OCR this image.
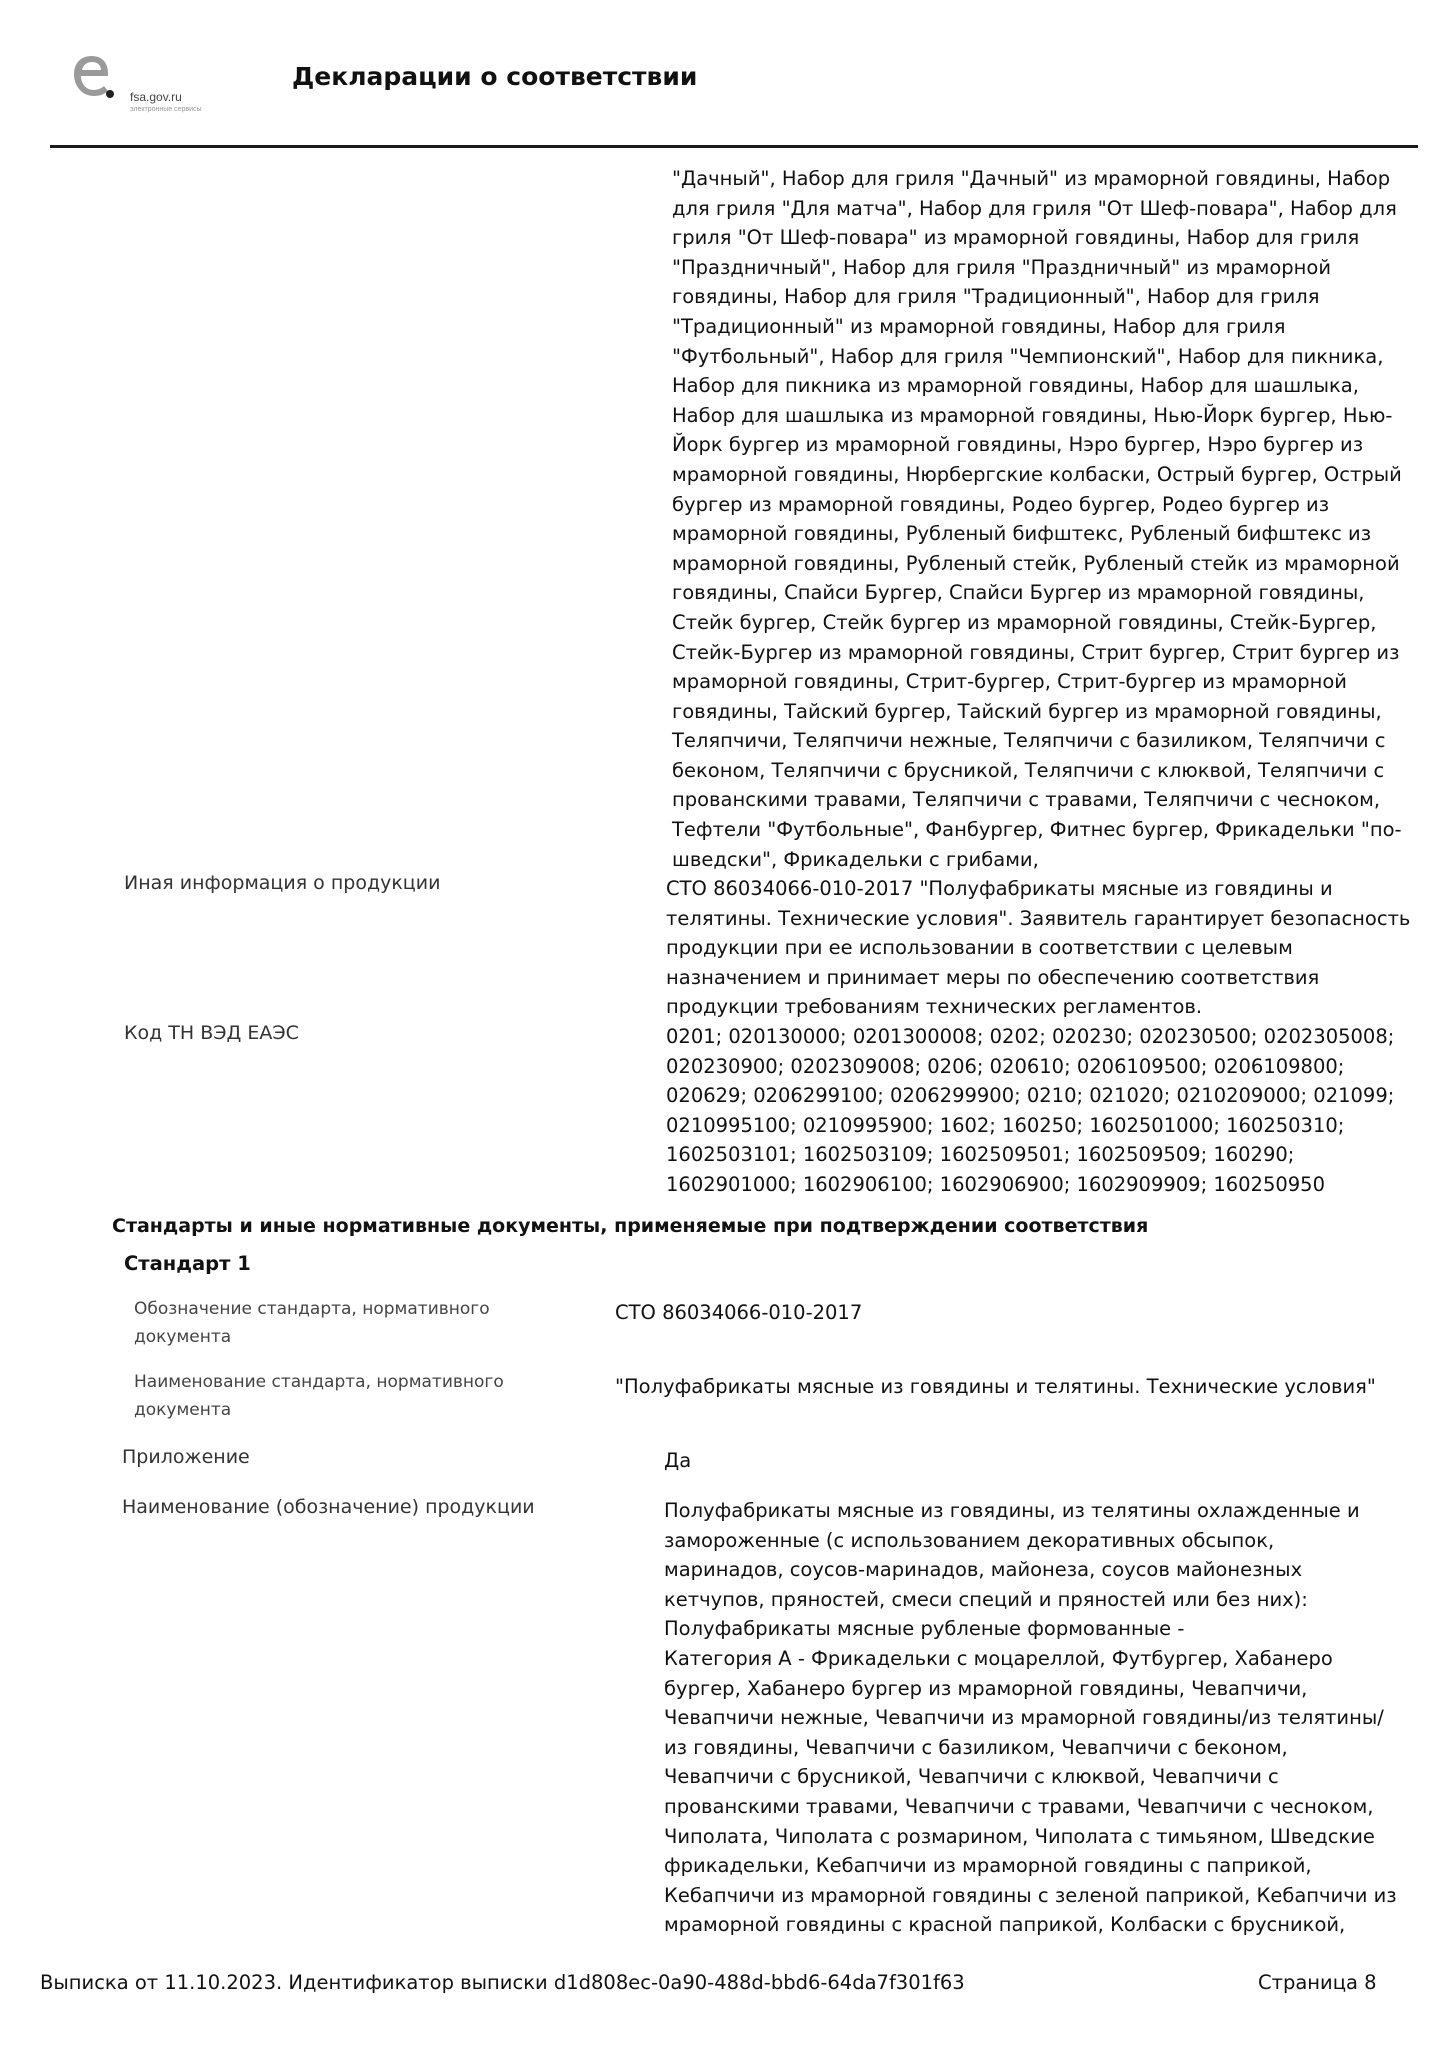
fsa.gov.ru
электронные сервисы
Декларации о соответствии
"Дачный", Набор для гриля "Дачный" из мраморной говядины, Набор
для гриля "Для матча", Набор для гриля "От Шеф-повара", Набор для
гриля "От Шеф-повара" из мраморной говядины, Набор для гриля
"Праздничный", Набор для гриля "Праздничный" из мраморной
говядины, Набор для гриля "Традиционный", Набор для гриля
"Традиционный" из мраморной говядины, Набор для гриля
"Футбольный", Набор для гриля "Чемпионский", Набор для пикника,
Набор для пикника из мраморной говядины, Набор для шашлыка,
Набор для шашлыка из мраморной говядины, Нью-Йорк бургер, Нью-
Йорк бургер из мраморной говядины, Нэро бургер, Нэро бургер из
мраморной говядины, Нюрбергские колбаски, Острый бургер, Острый
бургер из мраморной говядины, Родео бургер, Родео бургер из
мраморной говядины, Рубленый бифштекс, Рубленый бифштекс из
мраморной говядины, Рубленый стейк, Рубленый стейк из мраморной
говядины, Спайси Бургер, Спайси Бургер из мраморной говядины,
Стейк бургер, Стейк бургер из мраморной говядины, Стейк-Бургер,
Стейк-Бургер из мраморной говядины, Стрит бургер, Стрит бургер из
мраморной говядины, Стрит-бургер, Стрит-бургер из мраморной
говядины, Тайский бургер, Тайский бургер из мраморной говядины,
Теляпчичи, Теляпчичи нежные, Теляпчичи с базиликом, Теляпчичи с
беконом, Теляпчичи с брусникой, Теляпчичи с клюквой, Теляпчичи с
прованскими травами, Теляпчичи с травами, Теляпчичи с чесноком,
Тефтели "Футбольные", Фанбургер, Фитнес бургер, Фрикадельки "по-
шведски", Фрикадельки с грибами,
Иная информация о продукции	СТО 86034066-010-2017 "Полуфабрикаты мясные из говядины и
телятины. Технические условия". Заявитель гарантирует безопасность
продукции при ее использовании в соответствии с целевым
назначением и принимает меры по обеспечению соответствия
продукции требованиям технических регламентов.
Код ТН ВЭД ЕАЭС	0201; 020130000; 0201300008; 0202; 020230; 020230500; 0202305008;
020230900; 0202309008; 0206; 020610; 0206109500; 0206109800;
020629; 0206299100; 0206299900; 0210; 021020; 0210209000; 021099;
0210995100; 0210995900; 1602; 160250; 1602501000; 160250310;
1602503101; 1602503109; 1602509501; 1602509509; 160290;
1602901000; 1602906100; 1602906900; 1602909909; 160250950
Стандарты и иные нормативные документы, применяемые при подтверждении соответствия
Стандарт 1
Обозначение стандарта, нормативного
документа
СТО 86034066-010-2017
Наименование стандарта, нормативного
документа
"Полуфабрикаты мясные из говядины и телятины. Технические условия"
Приложение	Да
Наименование (обозначение) продукции	Полуфабрикаты мясные из говядины, из телятины охлажденные и
замороженные (с использованием декоративных обсыпок,
маринадов, соусов-маринадов, майонеза, соусов майонезных
кетчупов, пряностей, смеси специй и пряностей или без них):
Полуфабрикаты мясные рубленые формованные -
Категория А - Фрикадельки с моцареллой, Футбургер, Хабанеро
бургер, Хабанеро бургер из мраморной говядины, Чевапчичи,
Чевапчичи нежные, Чевапчичи из мраморной говядины/из телятины/
из говядины, Чевапчичи с базиликом, Чевапчичи с беконом,
Чевапчичи с брусникой, Чевапчичи с клюквой, Чевапчичи с
прованскими травами, Чевапчичи с травами, Чевапчичи с чесноком,
Чиполата, Чиполата с розмарином, Чиполата с тимьяном, Шведские
фрикадельки, Кебапчичи из мраморной говядины с паприкой,
Кебапчичи из мраморной говядины с зеленой паприкой, Кебапчичи из
мраморной говядины с красной паприкой, Колбаски с брусникой,
Выписка от 11.10.2023. Идентификатор выписки d1d808ec-0a90-488d-bbd6-64da7f301f63	Страница 8
